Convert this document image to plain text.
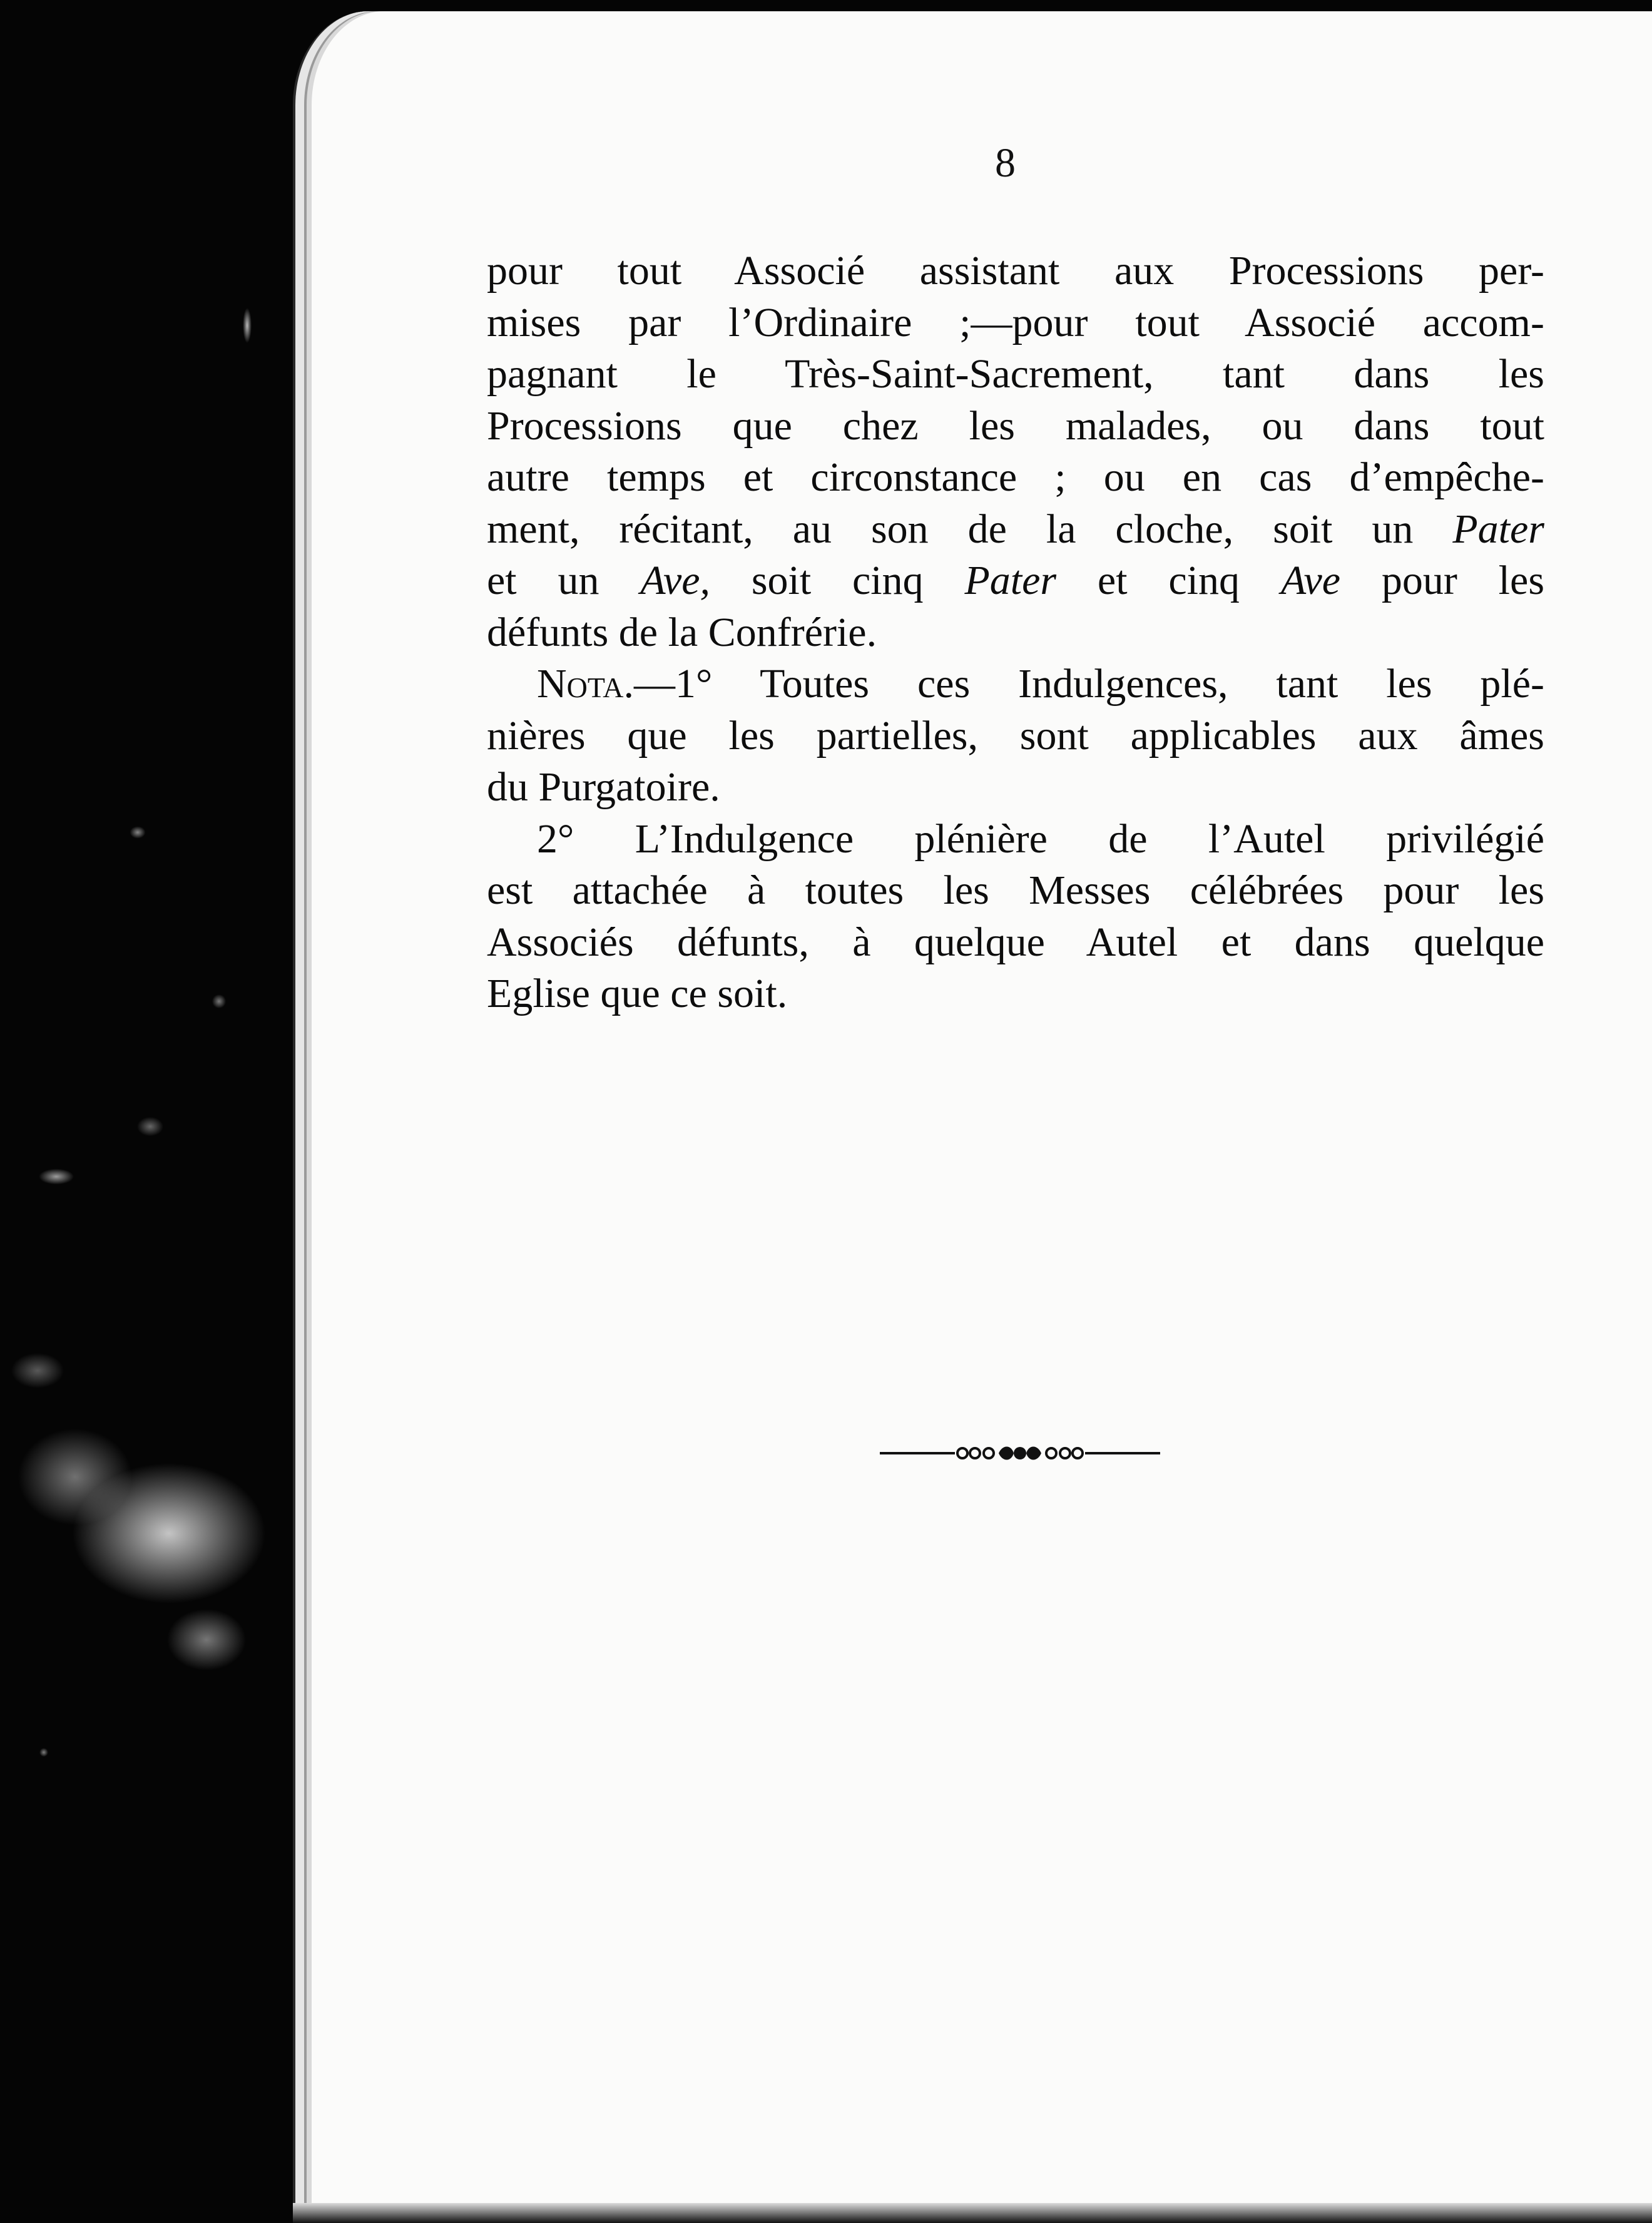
8

pour tout Associé assistant aux Processions per-
mises par l’Ordinaire ;—pour tout Associé accom-
pagnant le Très-Saint-Sacrement, tant dans les
Processions que chez les malades, ou dans tout
autre temps et circonstance ; ou en cas d’empêche-
ment, récitant, au son de la cloche, soit un Pater
et un Ave, soit cinq Pater et cinq Ave pour les
défunts de la Confrérie.

Nota.—1° Toutes ces Indulgences, tant les plé-
nières que les partielles, sont applicables aux âmes
du Purgatoire.

2° L’Indulgence plénière de l’Autel privilégié
est attachée à toutes les Messes célébrées pour les
Associés défunts, à quelque Autel et dans quelque
Eglise que ce soit.
